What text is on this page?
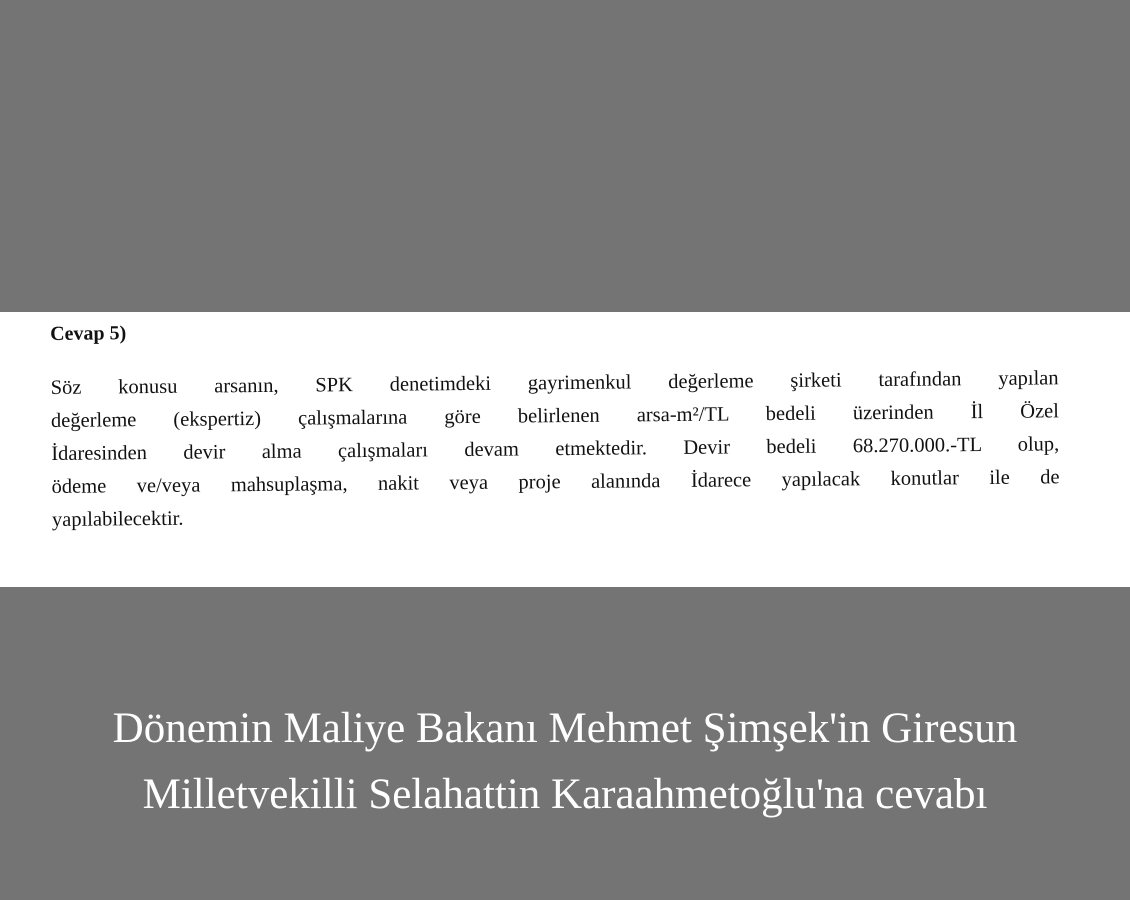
Cevap 5)
Söz konusu arsanın, SPK denetimdeki gayrimenkul değerleme şirketi tarafından yapılan
değerleme (ekspertiz) çalışmalarına göre belirlenen arsa-m²/TL bedeli üzerinden İl Özel
İdaresinden devir alma çalışmaları devam etmektedir. Devir bedeli 68.270.000.-TL olup,
ödeme ve/veya mahsuplaşma, nakit veya proje alanında İdarece yapılacak konutlar ile de
yapılabilecektir.
Dönemin Maliye Bakanı Mehmet Şimşek'in Giresun
Milletvekilli Selahattin Karaahmetoğlu'na cevabı
